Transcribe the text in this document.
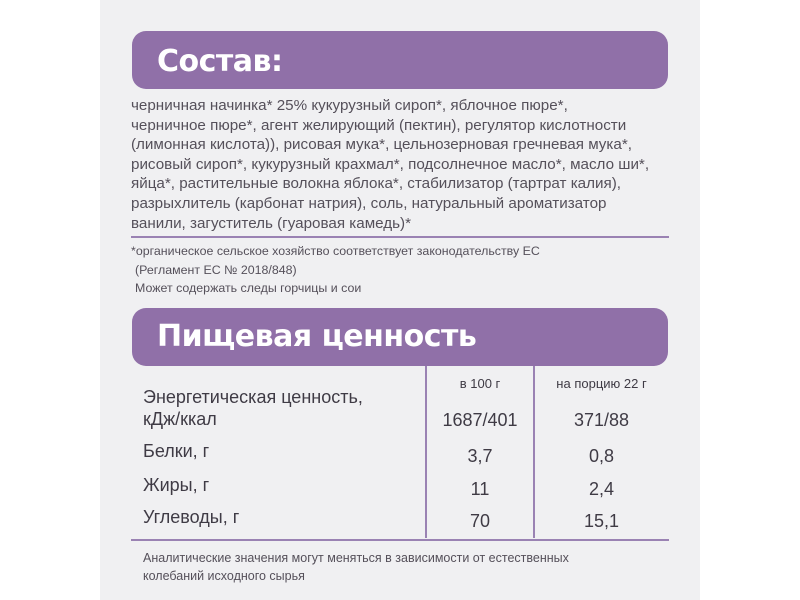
Состав:
черничная начинка* 25% кукурузный сироп*, яблочное пюре*,
черничное пюре*, агент желирующий (пектин), регулятор кислотности
(лимонная кислота)), рисовая мука*, цельнозерновая гречневая мука*,
рисовый сироп*, кукурузный крахмал*, подсолнечное масло*, масло ши*,
яйца*, растительные волокна яблока*, стабилизатор (тартрат калия),
разрыхлитель (карбонат натрия), соль, натуральный ароматизатор
ванили, загуститель (гуаровая камедь)*
*органическое сельское хозяйство соответствует законодательству ЕС
(Регламент ЕС № 2018/848)
Может содержать следы горчицы и сои
Пищевая ценность
в 100 г	на порцию 22 г
Энергетическая ценность,
кДж/ккал	1687/401	371/88
Белки, г	3,7	0,8
Жиры, г	11	2,4
Углеводы, г	70	15,1
Аналитические значения могут меняться в зависимости от естественных
колебаний исходного сырья
